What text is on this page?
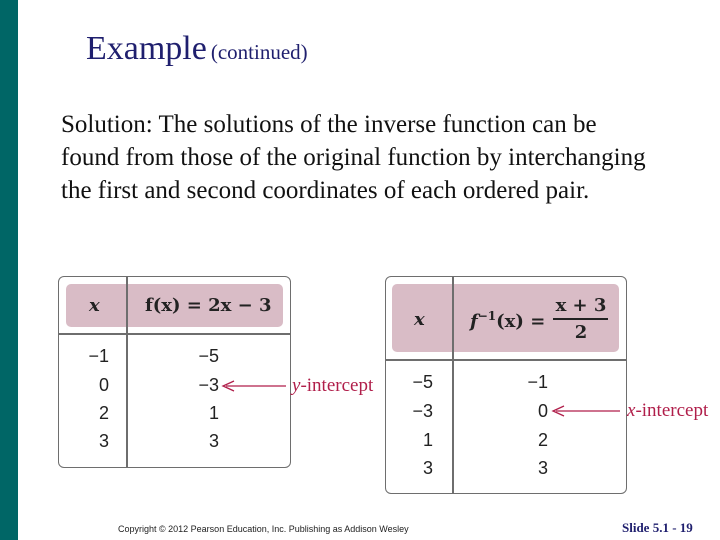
Example (continued)
Solution: The solutions of the inverse function can be found from those of the original function by interchanging the first and second coordinates of each ordered pair.
x	f(x) = 2x − 3
−1	−5
0	−3
2	1
3	3
x	$f^{-1}(x)$ =
x + 3
2
−5	−1
−3	0
1	2
3	3
y-intercept
x-intercept
Copyright © 2012 Pearson Education, Inc. Publishing as Addison Wesley	Slide 5.1 - 19
